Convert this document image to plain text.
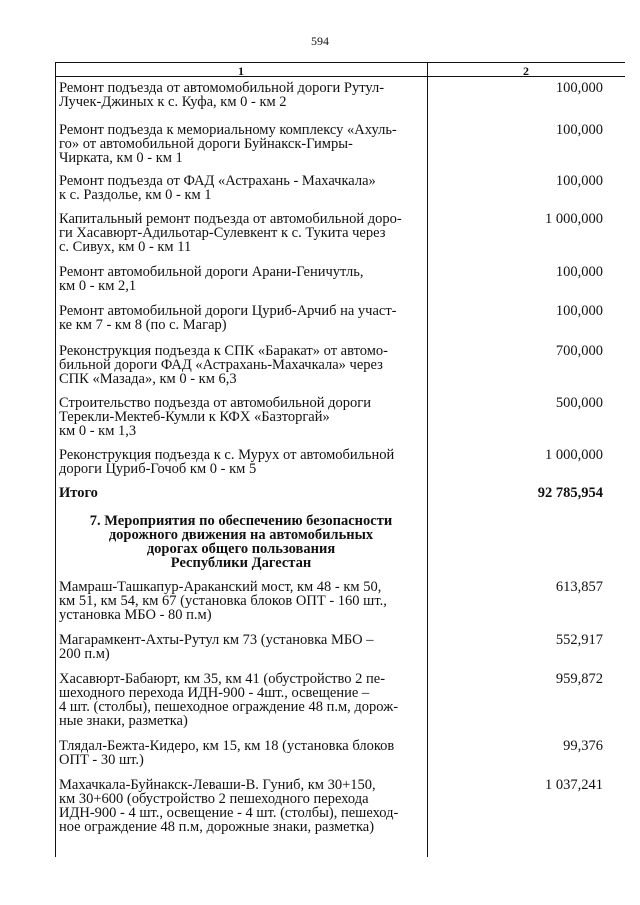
594
1	2
Ремонт подъезда от автомомобильной дороги Рутул-
Лучек-Джиных к с. Куфа, км 0 - км 2
100,000
Ремонт подъезда к мемориальному комплексу «Ахуль-
го» от автомобильной дороги Буйнакск-Гимры-
Чирката, км 0 - км 1
100,000
Ремонт подъезда от ФАД «Астрахань - Махачкала»
к с. Раздолье, км 0 - км 1
100,000
Капитальный ремонт подъезда от автомобильной доро-
ги Хасавюрт-Адильотар-Сулевкент к с. Тукита через
с. Сивух, км 0 - км 11
1 000,000
Ремонт автомобильной дороги Арани-Геничутль,
км 0 - км 2,1
100,000
Ремонт автомобильной дороги Цуриб-Арчиб на участ-
ке км 7 - км 8 (по с. Магар)
100,000
Реконструкция подъезда к СПК «Баракат» от автомо-
бильной дороги ФАД «Астрахань-Махачкала» через
СПК «Мазада», км 0 - км 6,3
700,000
Строительство подъезда от автомобильной дороги
Терекли-Мектеб-Кумли к КФХ «Базторгай»
км 0 - км 1,3
500,000
Реконструкция подъезда к с. Мурух от автомобильной
дороги Цуриб-Гочоб км 0 - км 5
1 000,000
Итого	92 785,954
7. Мероприятия по обеспечению безопасности
дорожного движения на автомобильных
дорогах общего пользования
Республики Дагестан
Мамраш-Ташкапур-Араканский мост, км 48 - км 50,
км 51, км 54, км 67 (установка блоков ОПТ - 160 шт.,
установка МБО - 80 п.м)
613,857
Магарамкент-Ахты-Рутул км 73 (установка МБО –
200 п.м)
552,917
Хасавюрт-Бабаюрт, км 35, км 41 (обустройство 2 пе-
шеходного перехода ИДН-900 - 4шт., освещение –
4 шт. (столбы), пешеходное ограждение 48 п.м, дорож-
ные знаки, разметка)
959,872
Тлядал-Бежта-Кидеро, км 15, км 18 (установка блоков
ОПТ - 30 шт.)
99,376
Махачкала-Буйнакск-Леваши-В. Гуниб, км 30+150,
км 30+600 (обустройство 2 пешеходного перехода
ИДН-900 - 4 шт., освещение - 4 шт. (столбы), пешеход-
ное ограждение 48 п.м, дорожные знаки, разметка)
1 037,241
